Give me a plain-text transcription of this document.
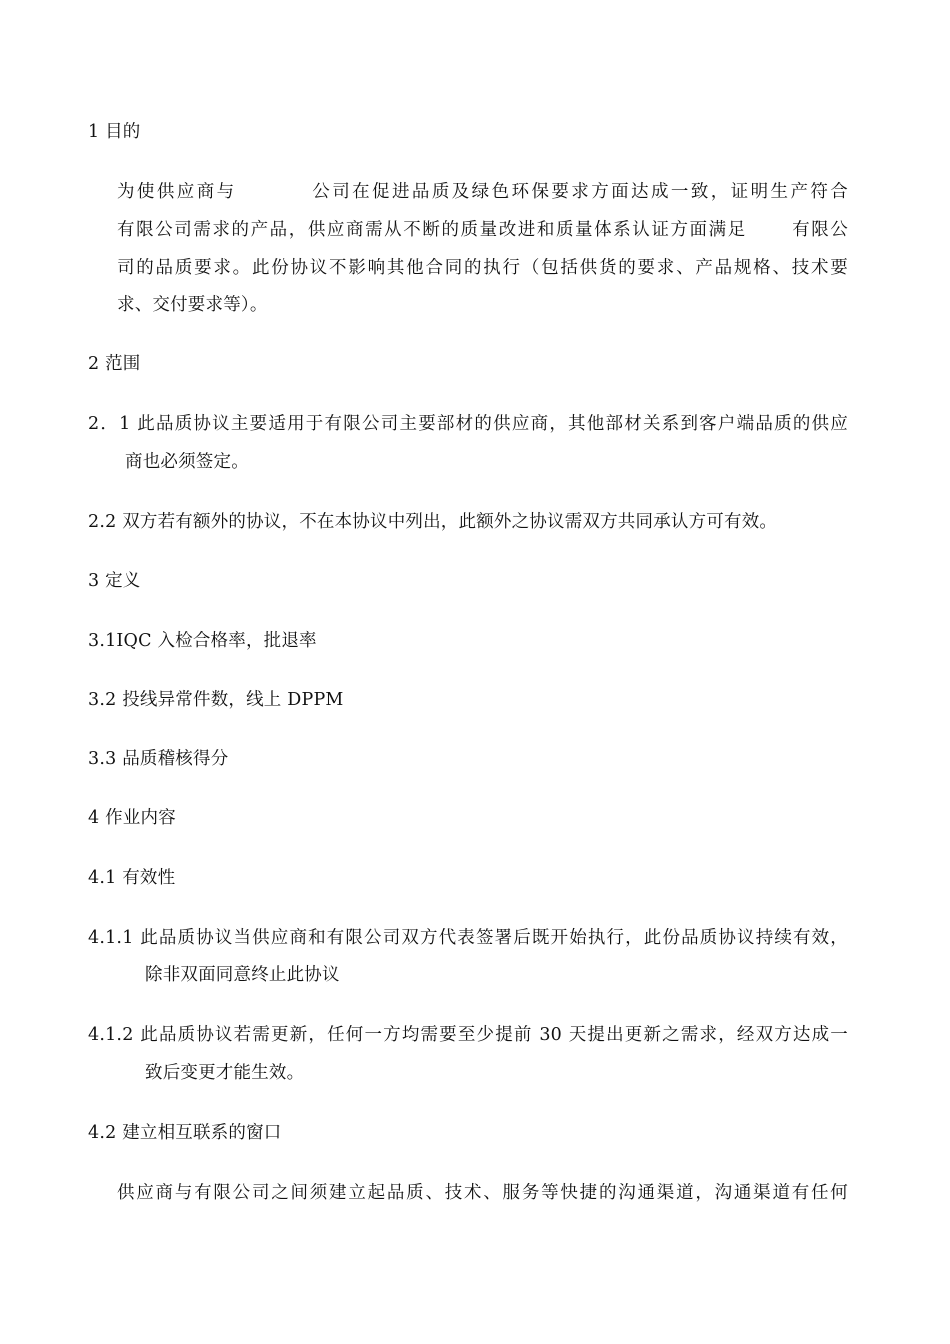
1 目的
为使供应商与 　　　 公司在促进品质及绿色环保要求方面达成一致，证明生产符合
有限公司需求的产品，供应商需从不断的质量改进和质量体系认证方面满足 　　有限公
司的品质要求。此份协议不影响其他合同的执行（包括供货的要求、产品规格、技术要
求、交付要求等）。
2 范围
2．1 此品质协议主要适用于有限公司主要部材的供应商，其他部材关系到客户端品质的供应
商也必须签定。
2.2 双方若有额外的协议，不在本协议中列出，此额外之协议需双方共同承认方可有效。
3 定义
3.1IQC 入检合格率，批退率
3.2 投线异常件数，线上 DPPM
3.3 品质稽核得分
4 作业内容
4.1 有效性
4.1.1 此品质协议当供应商和有限公司双方代表签署后既开始执行，此份品质协议持续有效，
除非双面同意终止此协议
4.1.2 此品质协议若需更新，任何一方均需要至少提前 30 天提出更新之需求，经双方达成一
致后变更才能生效。
4.2 建立相互联系的窗口
供应商与有限公司之间须建立起品质、技术、服务等快捷的沟通渠道，沟通渠道有任何
